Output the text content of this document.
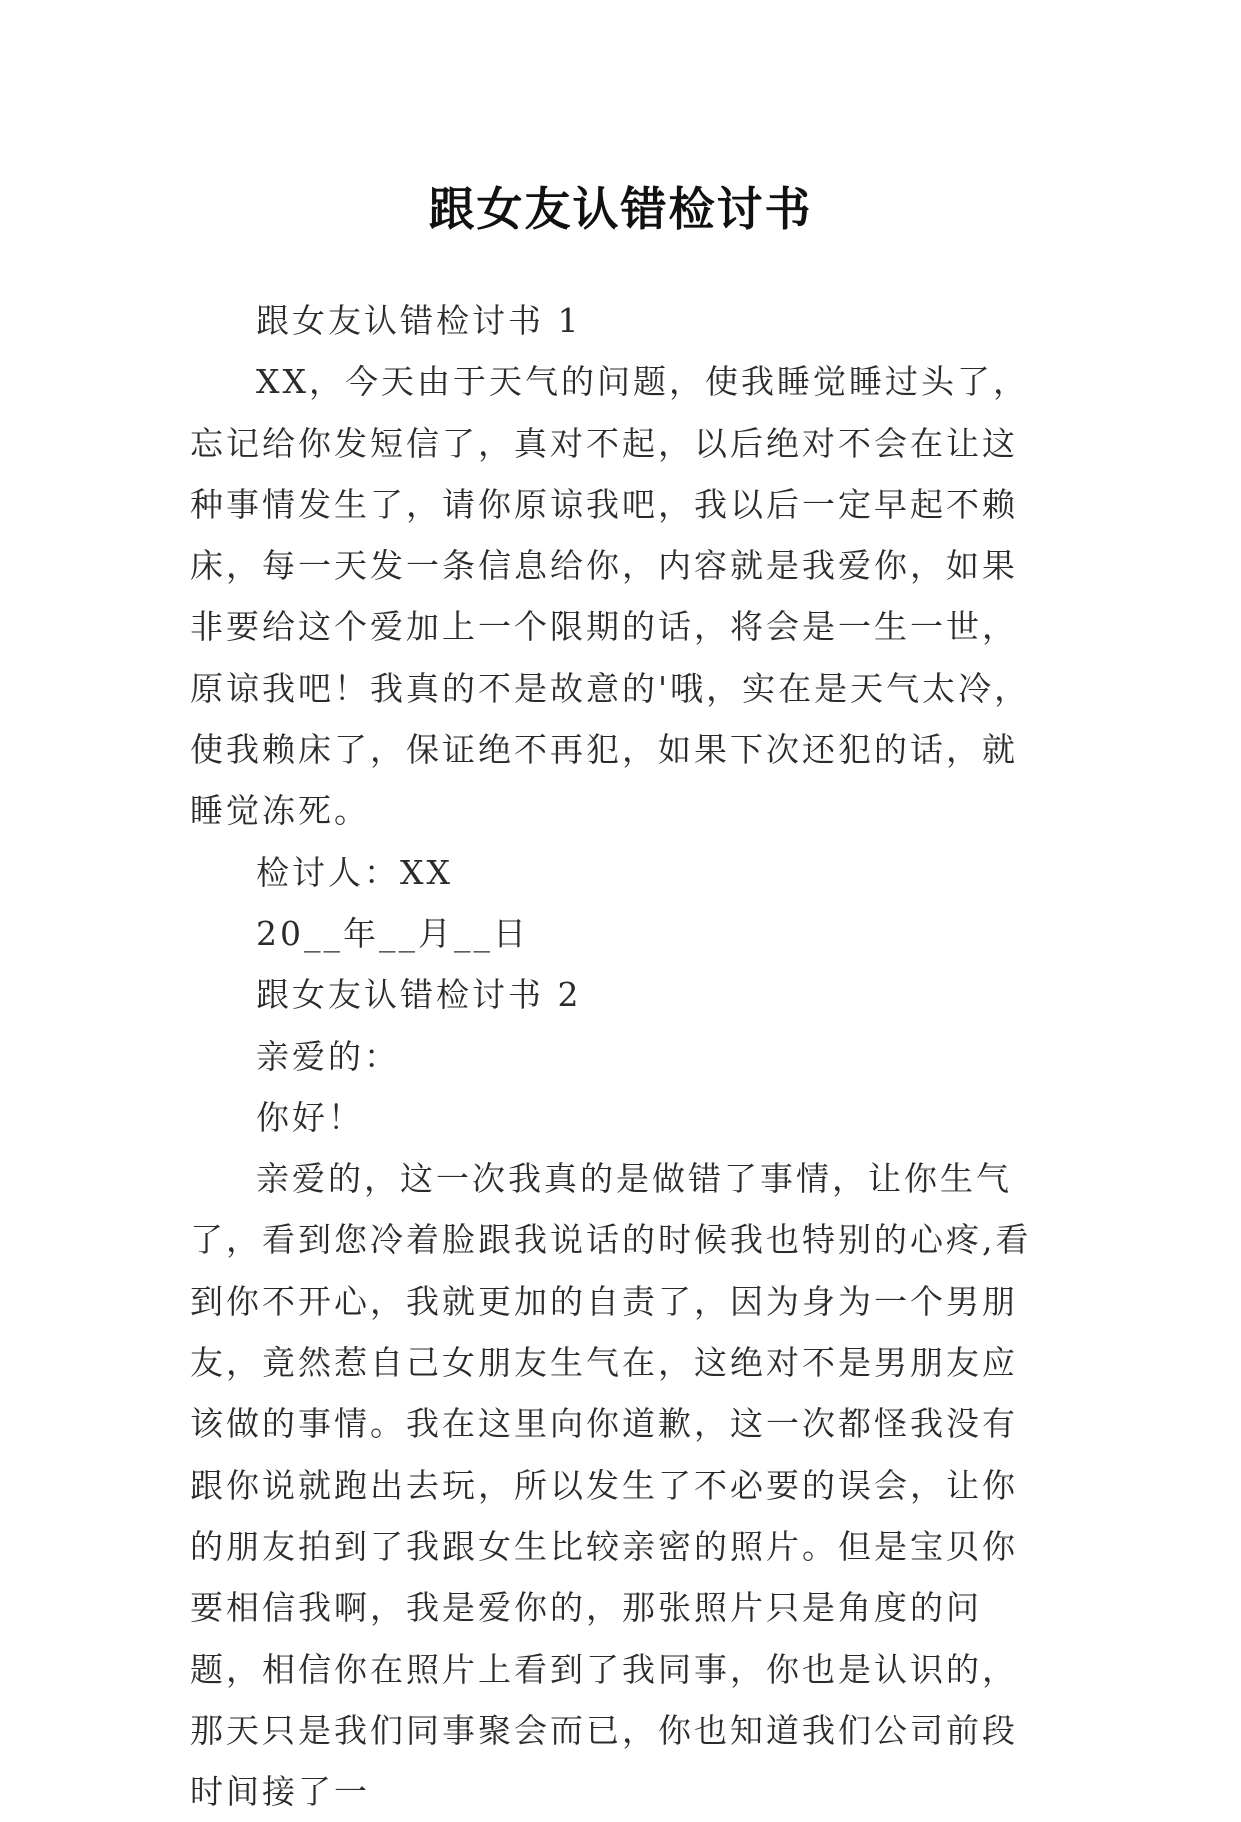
跟女友认错检讨书

跟女友认错检讨书 1

XX，今天由于天气的问题，使我睡觉睡过头了，忘记给你发短信了，真对不起，以后绝对不会在让这种事情发生了，请你原谅我吧，我以后一定早起不赖床，每一天发一条信息给你，内容就是我爱你，如果非要给这个爱加上一个限期的话，将会是一生一世，原谅我吧！我真的不是故意的'哦，实在是天气太冷，使我赖床了，保证绝不再犯，如果下次还犯的话，就睡觉冻死。

检讨人：XX

20__年__月__日

跟女友认错检讨书 2

亲爱的：

你好！

亲爱的，这一次我真的是做错了事情，让你生气了，看到您冷着脸跟我说话的时候我也特别的心疼,看到你不开心，我就更加的自责了，因为身为一个男朋友，竟然惹自己女朋友生气在，这绝对不是男朋友应该做的事情。我在这里向你道歉，这一次都怪我没有跟你说就跑出去玩，所以发生了不必要的误会，让你的朋友拍到了我跟女生比较亲密的照片。但是宝贝你要相信我啊，我是爱你的，那张照片只是角度的问题，相信你在照片上看到了我同事，你也是认识的，那天只是我们同事聚会而已，你也知道我们公司前段时间接了一
